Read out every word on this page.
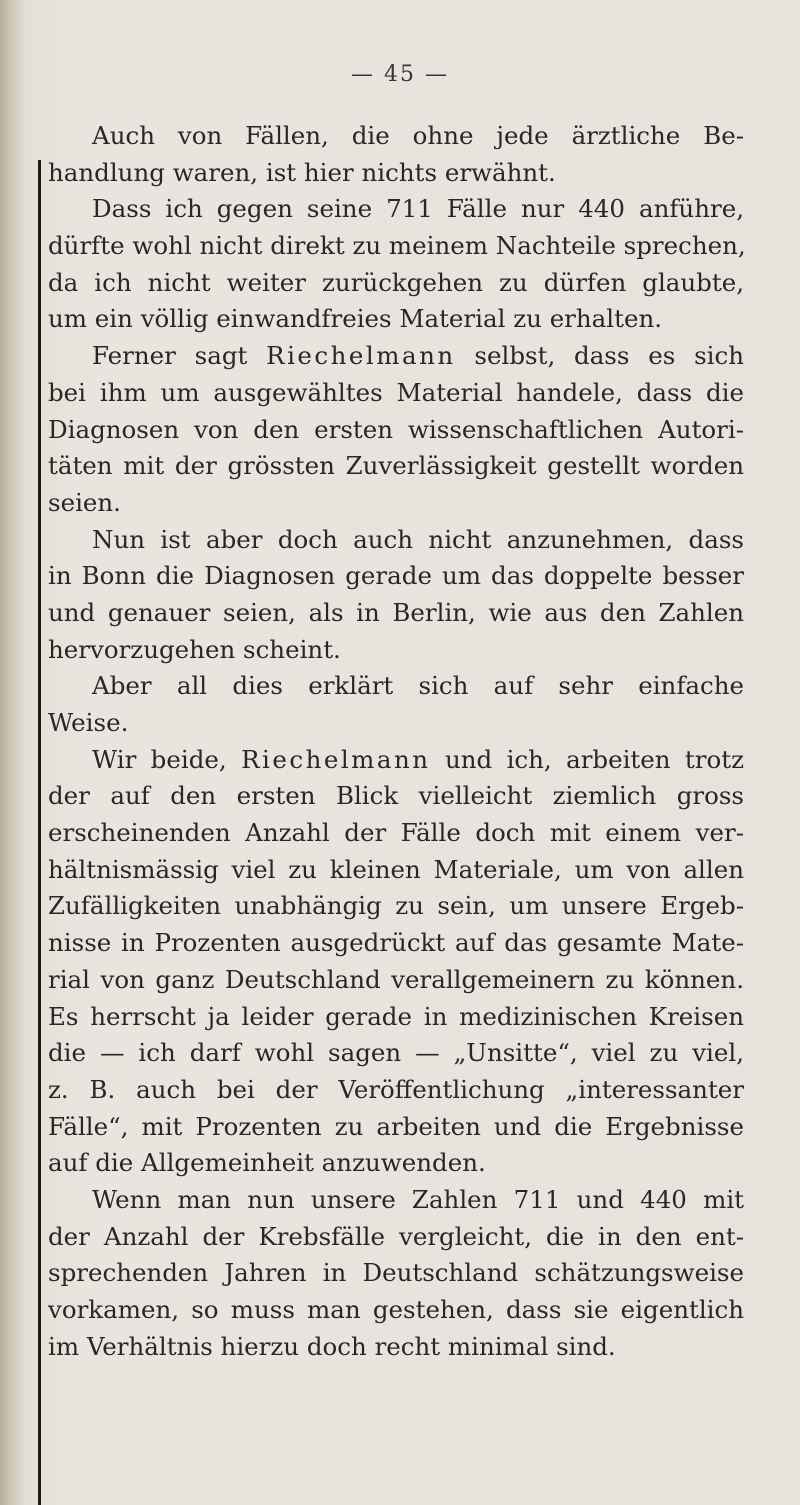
— 45 —
Auch von Fällen, die ohne jede ärztliche Be-
handlung waren, ist hier nichts erwähnt.
Dass ich gegen seine 711 Fälle nur 440 anführe,
dürfte wohl nicht direkt zu meinem Nachteile sprechen,
da ich nicht weiter zurückgehen zu dürfen glaubte,
um ein völlig einwandfreies Material zu erhalten.
Ferner sagt Riechelmann selbst, dass es sich
bei ihm um ausgewähltes Material handele, dass die
Diagnosen von den ersten wissenschaftlichen Autori-
täten mit der grössten Zuverlässigkeit gestellt worden
seien.
Nun ist aber doch auch nicht anzunehmen, dass
in Bonn die Diagnosen gerade um das doppelte besser
und genauer seien, als in Berlin, wie aus den Zahlen
hervorzugehen scheint.
Aber all dies erklärt sich auf sehr einfache
Weise.
Wir beide, Riechelmann und ich, arbeiten trotz
der auf den ersten Blick vielleicht ziemlich gross
erscheinenden Anzahl der Fälle doch mit einem ver-
hältnismässig viel zu kleinen Materiale, um von allen
Zufälligkeiten unabhängig zu sein, um unsere Ergeb-
nisse in Prozenten ausgedrückt auf das gesamte Mate-
rial von ganz Deutschland verallgemeinern zu können.
Es herrscht ja leider gerade in medizinischen Kreisen
die — ich darf wohl sagen — „Unsitte“, viel zu viel,
z. B. auch bei der Veröffentlichung „interessanter
Fälle“, mit Prozenten zu arbeiten und die Ergebnisse
auf die Allgemeinheit anzuwenden.
Wenn man nun unsere Zahlen 711 und 440 mit
der Anzahl der Krebsfälle vergleicht, die in den ent-
sprechenden Jahren in Deutschland schätzungsweise
vorkamen, so muss man gestehen, dass sie eigentlich
im Verhältnis hierzu doch recht minimal sind.
